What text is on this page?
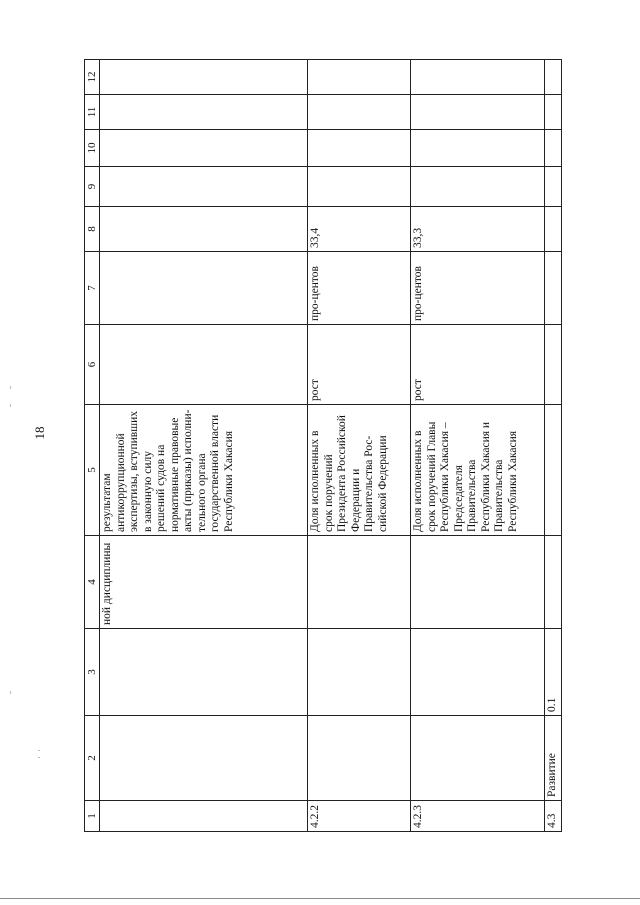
18
1	2	3	4	5	6	7	8	9	10	11	12
			ной дисциплины	результатам антикоррупционной экспертизы, вступивших в законную силу решений судов на нормативные правовые акты (приказы) исполни-тельного органа государственной власти Республики Хакасия							
4.2.2				Доля исполненных в срок поручений Президента Российской Федерации и Правительства Рос-сийской Федерации	рост	про-центов	33,4				
4.2.3				Доля исполненных в срок поручений Главы Республики Хакасия – Председателя Правительства Республики Хакасия и Правительства Республики Хакасия	рост	про-центов	33,3				
4.3	Развитие	0.1									
